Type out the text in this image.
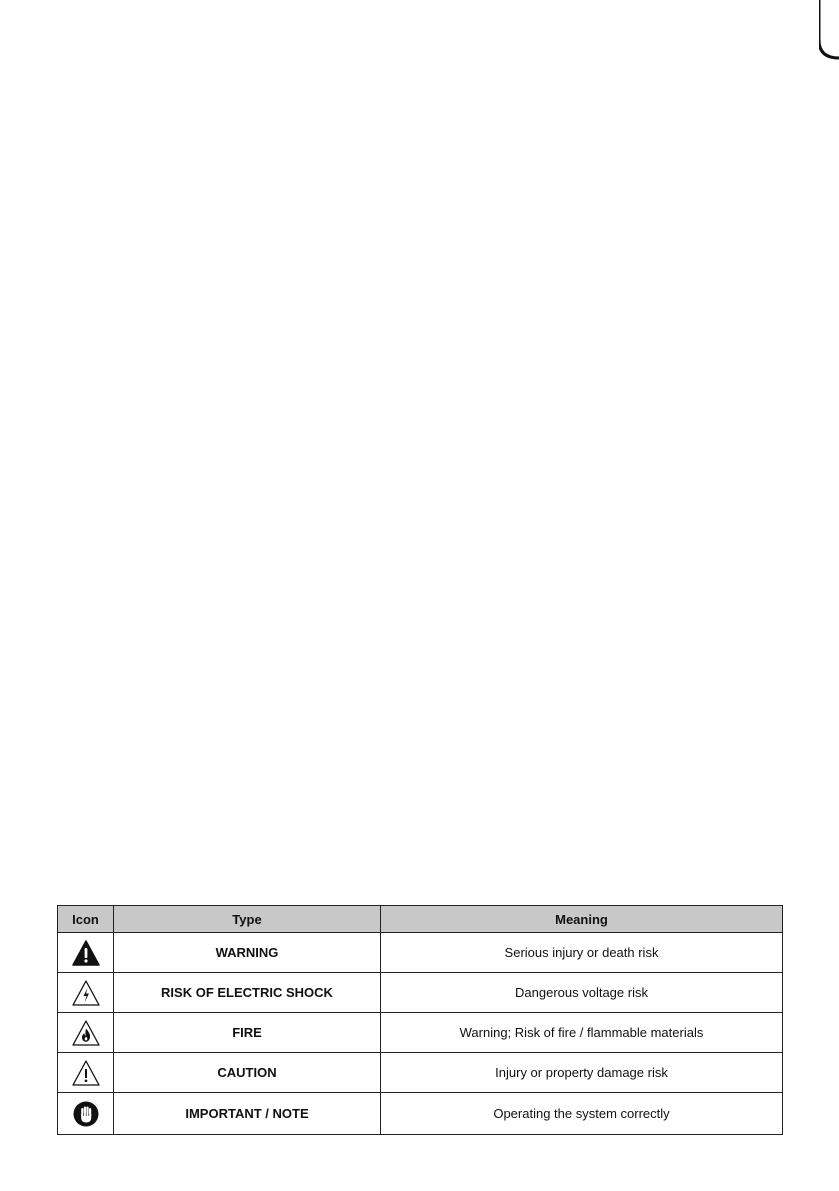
Icon	Type	Meaning

	WARNING	Serious injury or death risk

	RISK OF ELECTRIC SHOCK	Dangerous voltage risk

	FIRE	Warning; Risk of fire / flammable materials

	CAUTION	Injury or property damage risk

	IMPORTANT / NOTE	Operating the system correctly
